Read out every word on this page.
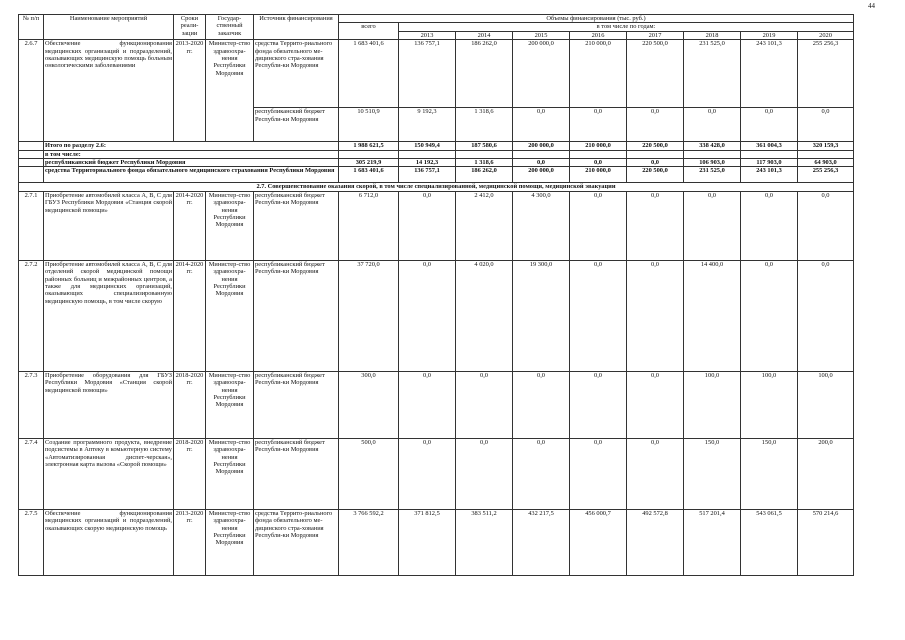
44
№ п/п	Наименование мероприятий	Сроки реали-зации	Государ-ственный заказчик	Источник финансирования	Объемы финансирования (тыс. руб.)								
					всего	в том числе по годам:							
						2013	2014	2015	2016	2017	2018	2019	2020
2.6.7	Обеспечение функционирования медицинских организаций и подразделений, оказывающих медицинскую помощь больным онкологическими заболеваниями	2013-2020 гг.	Министер-ство здравоохра-нения Республики Мордовия	средства Террито-риального фонда обязательного ме-дицинского стра-хования Республи-ки Мордовия	1 683 401,6	136 757,1	186 262,0	200 000,0	210 000,0	220 500,0	231 525,0	243 101,3	255 256,3
				республиканский бюджет Республи-ки Мордовия	10 510,9	9 192,3	1 318,6	0,0	0,0	0,0	0,0	0,0	0,0
	Итого по разделу 2.6:				1 988 621,5	150 949,4	187 580,6	200 000,0	210 000,0	220 500,0	338 428,0	361 004,3	320 159,3
	в том числе:												
	республиканский бюджет Республики Мордовия				305 219,9	14 192,3	1 318,6	0,0	0,0	0,0	106 903,0	117 903,0	64 903,0
	средства Территориального фонда обязательного медицинского страхования Республики Мордовия				1 683 401,6	136 757,1	186 262,0	200 000,0	210 000,0	220 500,0	231 525,0	243 101,3	255 256,3
2.7. Совершенствование оказания скорой, в том числе специализированной, медицинской помощи, медицинской эвакуации													
2.7.1	Приобретение автомобилей класса А, В, С для ГБУЗ Республики Мордовия «Станция скорой медицинской помощи»	2014-2020 гг.	Министер-ство здравоохра-нения Республики Мордовия	республиканский бюджет Республи-ки Мордовия	6 712,0	0,0	2 412,0	4 300,0	0,0	0,0	0,0	0,0	0,0
2.7.2	Приобретение автомобилей класса А, В, С для отделений скорой медицинской помощи районных больниц и межрайонных центров, а также для медицинских организаций, оказывающих специализированную медицинскую помощь, в том числе скорую	2014-2020 гг.	Министер-ство здравоохра-нения Республики Мордовия	республиканский бюджет Республи-ки Мордовия	37 720,0	0,0	4 020,0	19 300,0	0,0	0,0	14 400,0	0,0	0,0
2.7.3	Приобретение оборудования для ГБУЗ Республики Мордовия «Станция скорой медицинской помощи»	2018-2020 гг.	Министер-ство здравоохра-нения Республики Мордовия	республиканский бюджет Республи-ки Мордовия	300,0	0,0	0,0	0,0	0,0	0,0	100,0	100,0	100,0
2.7.4	Создание программного продукта, внедрение подсистемы в Аптеку в комьютерную систему «Автоматизированная диспет-черская», электронная карта вызова «Скорой помощи»	2018-2020 гг.	Министер-ство здравоохра-нения Республики Мордовия	республиканский бюджет Республи-ки Мордовия	500,0	0,0	0,0	0,0	0,0	0,0	150,0	150,0	200,0
2.7.5	Обеспечение функционирования медицинских организаций и подразделений, оказывающих скорую медицинскую помощь	2013-2020 гг.	Министер-ство здравоохра-нения Республики Мордовия	средства Террито-риального фонда обязательного ме-дицинского стра-хования Республи-ки Мордовия	3 766 592,2	371 812,5	383 511,2	432 217,5	456 000,7	492 572,8	517 201,4	543 061,5	570 214,6
